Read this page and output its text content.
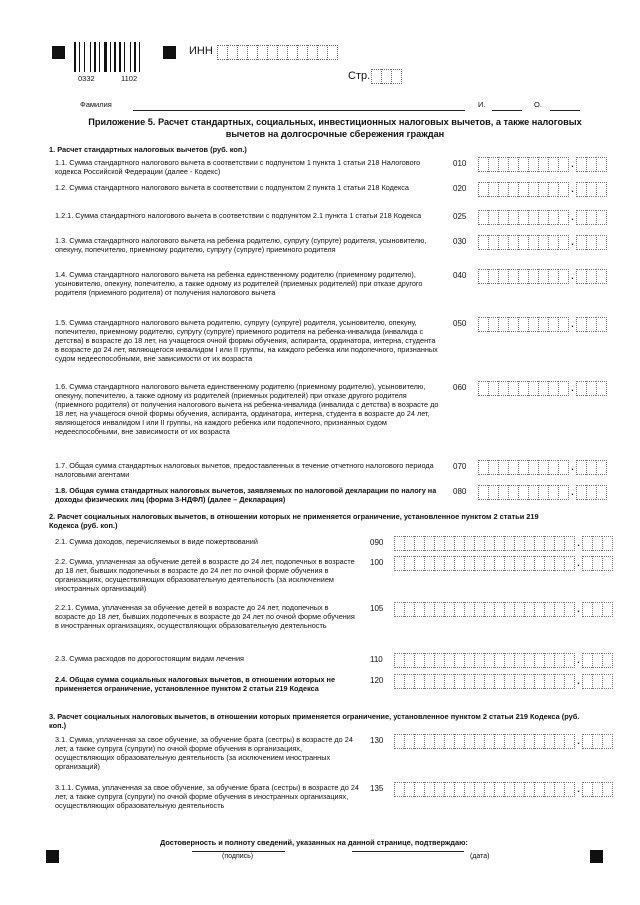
0332	1102
ИНН
Стр.
Фамилия	И.	О.
Приложение 5. Расчет стандартных, социальных, инвестиционных налоговых вычетов, а также налоговых вычетов на долгосрочные сбережения граждан
1. Расчет стандартных налоговых вычетов (руб. коп.)
2. Расчет социальных налоговых вычетов, в отношении которых не применяется ограничение, установленное пунктом 2 статьи 219 Кодекса (руб. коп.)
3. Расчет социальных налоговых вычетов, в отношении которых применяется ограничение, установленное пунктом 2 статьи 219 Кодекса (руб. коп.)
1.1. Сумма стандартного налогового вычета в соответствии с подпунктом 1 пункта 1 статьи 218 Налогового кодекса Российской Федерации (далее - Кодекс)
010	.
1.2. Сумма стандартного налогового вычета в соответствии с подпунктом 2 пункта 1 статьи 218 Кодекса	020	.
1.2.1. Сумма стандартного налогового вычета в соответствии с подпунктом 2.1 пункта 1 статьи 218 Кодекса	025	.
1.3. Сумма стандартного налогового вычета на ребенка родителю, супругу (супруге) родителя, усыновителю, опекуну, попечителю, приемному родителю, супругу (супруге) приемного родителя
030	.
1.4. Сумма стандартного налогового вычета на ребенка единственному родителю (приемному родителю), усыновителю, опекуну, попечителю, а также одному из родителей (приемных родителей) при отказе другого родителя (приемного родителя) от получения налогового вычета
040	.
1.5. Сумма стандартного налогового вычета родителю, супругу (супруге) родителя, усыновителю, опекуну, попечителю, приемному родителю, супругу (супруге) приемного родителя на ребенка-инвалида (инвалида с детства) в возрасте до 18 лет, на учащегося очной формы обучения, аспиранта, ординатора, интерна, студента в возрасте до 24 лет, являющегося инвалидом I или II группы, на каждого ребенка или подопечного, признанных судом недееспособными, вне зависимости от их возраста
050	.
1.6. Сумма стандартного налогового вычета единственному родителю (приемному родителю), усыновителю, опекуну, попечителю, а также одному из родителей (приемных родителей) при отказе другого родителя (приемного родителя) от получения налогового вычета на ребенка-инвалида (инвалида с детства) в возрасте до 18 лет, на учащегося очной формы обучения, аспиранта, ординатора, интерна, студента в возрасте до 24 лет, являющегося инвалидом I или II группы, на каждого ребенка или подопечного, признанных судом недееспособными, вне зависимости от их возраста
060	.
1.7. Общая сумма стандартных налоговых вычетов, предоставленных в течение отчетного налогового периода налоговыми агентами
070	.
1.8. Общая сумма стандартных налоговых вычетов, заявляемых по налоговой декларации по налогу на доходы физических лиц (форма 3-НДФЛ) (далее – Декларация)
080	.
2.1. Сумма доходов, перечисляемых в виде пожертвований	090	.
2.2. Сумма, уплаченная за обучение детей в возрасте до 24 лет, подопечных в возрасте до 18 лет, бывших подопечных в возрасте до 24 лет по очной форме обучения в организациях, осуществляющих образовательную деятельность (за исключением иностранных организаций)
100	.
2.2.1. Сумма, уплаченная за обучение детей в возрасте до 24 лет, подопечных в возрасте до 18 лет, бывших подопечных в возрасте до 24 лет по очной форме обучения в иностранных организациях, осуществляющих образовательную деятельность
105	.
2.3. Сумма расходов по дорогостоящим видам лечения	110	.
2.4. Общая сумма социальных налоговых вычетов, в отношении которых не применяется ограничение, установленное пунктом 2 статьи 219 Кодекса
120	.
3.1. Сумма, уплаченная за свое обучение, за обучение брата (сестры) в возрасте до 24 лет, а также супруга (супруги) по очной форме обучения в организациях, осуществляющих образовательную деятельность (за исключением иностранных организаций)
130	.
3.1.1. Сумма, уплаченная за свое обучение, за обучение брата (сестры) в возрасте до 24 лет, а также супруга (супруги) по очной форме обучения в иностранных организациях, осуществляющих образовательную деятельность
135	.
Достоверность и полноту сведений, указанных на данной странице, подтверждаю:
(подпись)	(дата)
